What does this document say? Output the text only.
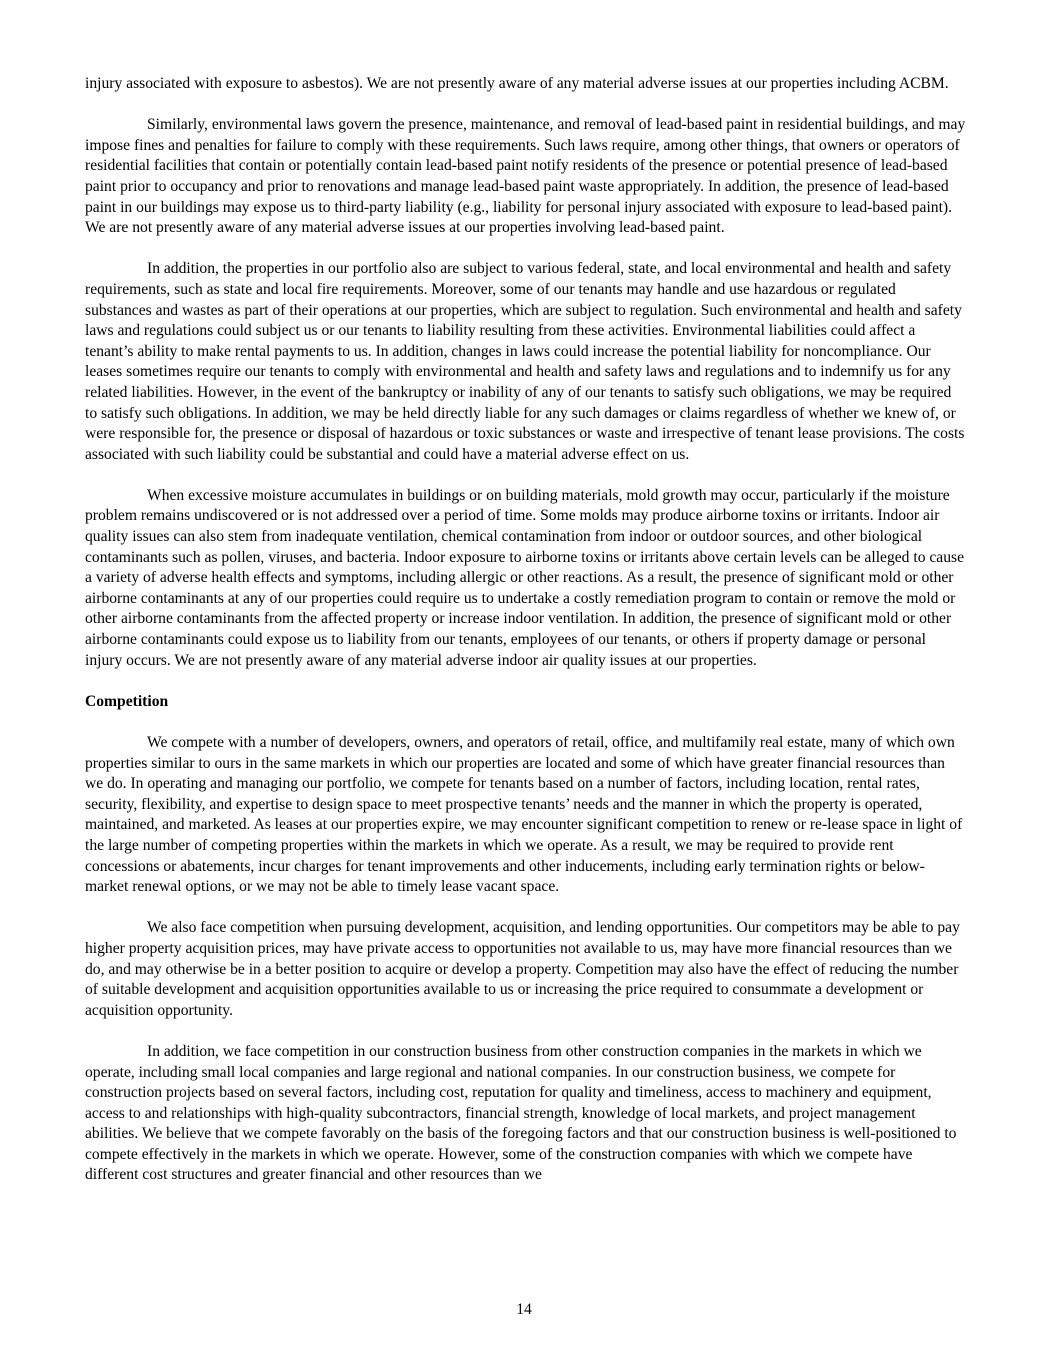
injury associated with exposure to asbestos). We are not presently aware of any material adverse issues at our properties including ACBM.

Similarly, environmental laws govern the presence, maintenance, and removal of lead-based paint in residential buildings, and may impose fines and penalties for failure to comply with these requirements. Such laws require, among other things, that owners or operators of residential facilities that contain or potentially contain lead-based paint notify residents of the presence or potential presence of lead-based paint prior to occupancy and prior to renovations and manage lead-based paint waste appropriately. In addition, the presence of lead-based paint in our buildings may expose us to third-party liability (e.g., liability for personal injury associated with exposure to lead-based paint). We are not presently aware of any material adverse issues at our properties involving lead-based paint.

In addition, the properties in our portfolio also are subject to various federal, state, and local environmental and health and safety requirements, such as state and local fire requirements. Moreover, some of our tenants may handle and use hazardous or regulated substances and wastes as part of their operations at our properties, which are subject to regulation. Such environmental and health and safety laws and regulations could subject us or our tenants to liability resulting from these activities. Environmental liabilities could affect a tenant’s ability to make rental payments to us. In addition, changes in laws could increase the potential liability for noncompliance. Our leases sometimes require our tenants to comply with environmental and health and safety laws and regulations and to indemnify us for any related liabilities. However, in the event of the bankruptcy or inability of any of our tenants to satisfy such obligations, we may be required to satisfy such obligations. In addition, we may be held directly liable for any such damages or claims regardless of whether we knew of, or were responsible for, the presence or disposal of hazardous or toxic substances or waste and irrespective of tenant lease provisions. The costs associated with such liability could be substantial and could have a material adverse effect on us.

When excessive moisture accumulates in buildings or on building materials, mold growth may occur, particularly if the moisture problem remains undiscovered or is not addressed over a period of time. Some molds may produce airborne toxins or irritants. Indoor air quality issues can also stem from inadequate ventilation, chemical contamination from indoor or outdoor sources, and other biological contaminants such as pollen, viruses, and bacteria. Indoor exposure to airborne toxins or irritants above certain levels can be alleged to cause a variety of adverse health effects and symptoms, including allergic or other reactions. As a result, the presence of significant mold or other airborne contaminants at any of our properties could require us to undertake a costly remediation program to contain or remove the mold or other airborne contaminants from the affected property or increase indoor ventilation. In addition, the presence of significant mold or other airborne contaminants could expose us to liability from our tenants, employees of our tenants, or others if property damage or personal injury occurs. We are not presently aware of any material adverse indoor air quality issues at our properties.

Competition

We compete with a number of developers, owners, and operators of retail, office, and multifamily real estate, many of which own properties similar to ours in the same markets in which our properties are located and some of which have greater financial resources than we do. In operating and managing our portfolio, we compete for tenants based on a number of factors, including location, rental rates, security, flexibility, and expertise to design space to meet prospective tenants’ needs and the manner in which the property is operated, maintained, and marketed. As leases at our properties expire, we may encounter significant competition to renew or re-lease space in light of the large number of competing properties within the markets in which we operate. As a result, we may be required to provide rent concessions or abatements, incur charges for tenant improvements and other inducements, including early termination rights or below-market renewal options, or we may not be able to timely lease vacant space.

We also face competition when pursuing development, acquisition, and lending opportunities. Our competitors may be able to pay higher property acquisition prices, may have private access to opportunities not available to us, may have more financial resources than we do, and may otherwise be in a better position to acquire or develop a property. Competition may also have the effect of reducing the number of suitable development and acquisition opportunities available to us or increasing the price required to consummate a development or acquisition opportunity.

In addition, we face competition in our construction business from other construction companies in the markets in which we operate, including small local companies and large regional and national companies. In our construction business, we compete for construction projects based on several factors, including cost, reputation for quality and timeliness, access to machinery and equipment, access to and relationships with high-quality subcontractors, financial strength, knowledge of local markets, and project management abilities. We believe that we compete favorably on the basis of the foregoing factors and that our construction business is well-positioned to compete effectively in the markets in which we operate. However, some of the construction companies with which we compete have different cost structures and greater financial and other resources than we

14
